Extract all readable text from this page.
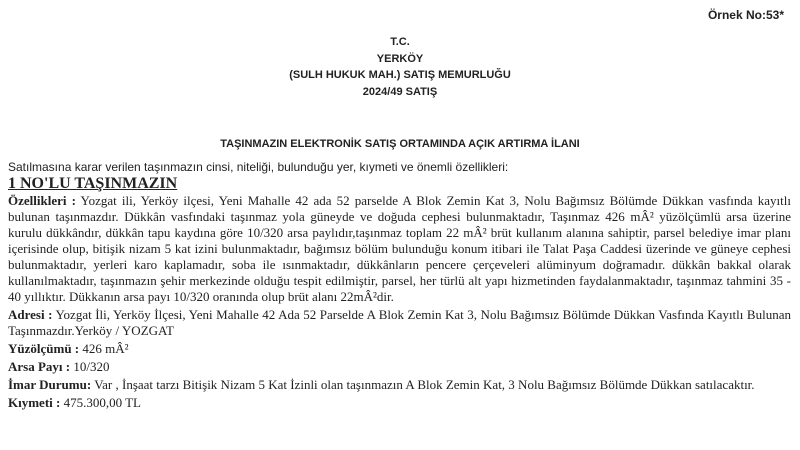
Örnek No:53*
T.C.
YERKÖY
(SULH HUKUK MAH.) SATIŞ MEMURLUĞU
2024/49 SATIŞ
TAŞINMAZIN ELEKTRONİK SATIŞ ORTAMINDA AÇIK ARTIRMA İLANI
Satılmasına karar verilen taşınmazın cinsi, niteliği, bulunduğu yer, kıymeti ve önemli özellikleri:

1 NO'LU TAŞINMAZIN

Özellikleri : Yozgat ili, Yerköy ilçesi, Yeni Mahalle 42 ada 52 parselde A Blok Zemin Kat 3, Nolu Bağımsız Bölümde Dükkan vasfında kayıtlı bulunan taşınmazdır. Dükkân vasfındaki taşınmaz yola güneyde ve doğuda cephesi bulunmaktadır, Taşınmaz 426 mÂ² yüzölçümlü arsa üzerine kurulu dükkândır, dükkân tapu kaydına göre 10/320 arsa paylıdır,taşınmaz toplam 22 mÂ² brüt kullanım alanına sahiptir, parsel belediye imar planı içerisinde olup, bitişik nizam 5 kat izini bulunmaktadır, bağımsız bölüm bulunduğu konum itibari ile Talat Paşa Caddesi üzerinde ve güneye cephesi bulunmaktadır, yerleri karo kaplamadır, soba ile ısınmaktadır, dükkânların pencere çerçeveleri alüminyum doğramadır. dükkân bakkal olarak kullanılmaktadır, taşınmazın şehir merkezinde olduğu tespit edilmiştir, parsel, her türlü alt yapı hizmetinden faydalanmaktadır, taşınmaz tahmini 35 - 40 yıllıktır. Dükkanın arsa payı 10/320 oranında olup brüt alanı 22mÂ²dir.

Adresi : Yozgat İli, Yerköy İlçesi, Yeni Mahalle 42 Ada 52 Parselde A Blok Zemin Kat 3, Nolu Bağımsız Bölümde Dükkan Vasfında Kayıtlı Bulunan Taşınmazdır.Yerköy / YOZGAT

Yüzölçümü : 426 mÂ²

Arsa Payı : 10/320

İmar Durumu: Var , İnşaat tarzı Bitişik Nizam 5 Kat İzinli olan taşınmazın A Blok Zemin Kat, 3 Nolu Bağımsız Bölümde Dükkan satılacaktır.

Kıymeti : 475.300,00 TL
